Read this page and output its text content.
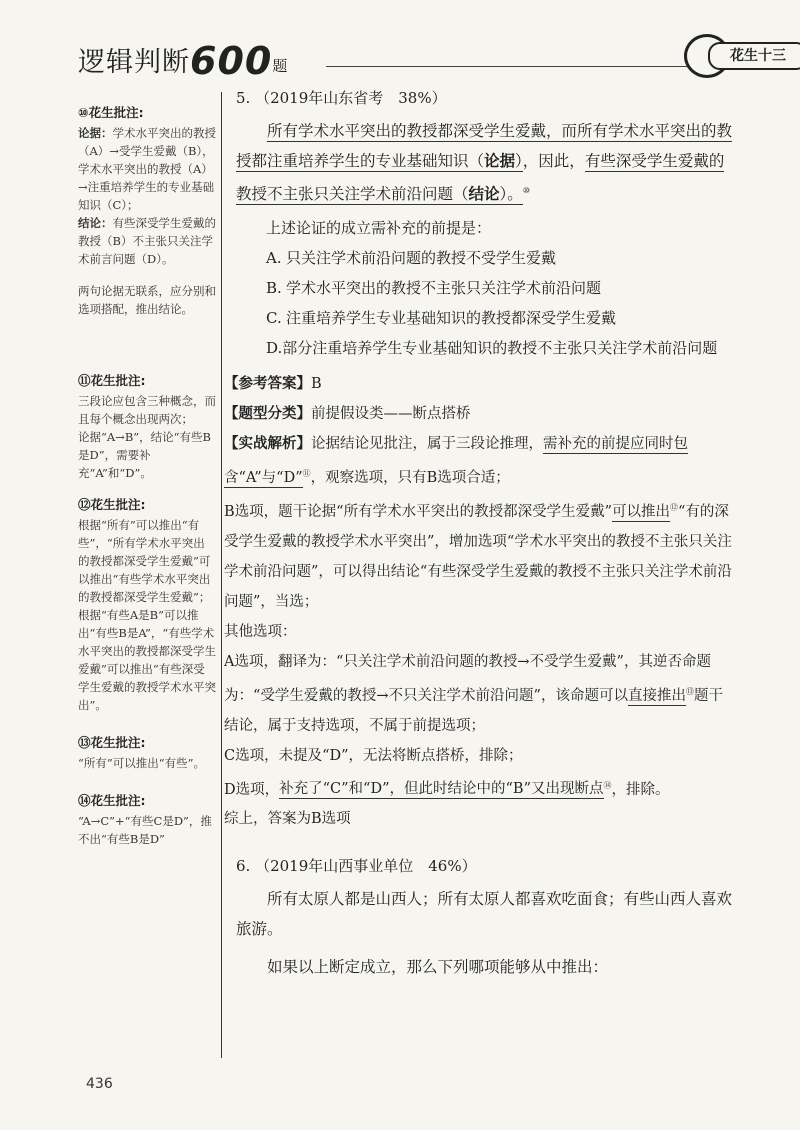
逻辑判断600题
花生十三
⑩花生批注:
论据：学术水平突出的教授（A）→受学生爱戴（B），学术水平突出的教授（A）→注重培养学生的专业基础知识（C）；
结论：有些深受学生爱戴的教授（B）不主张只关注学术前言问题（D）。
两句论据无联系，应分别和选项搭配，推出结论。
⑪花生批注:
三段论应包含三种概念，而且每个概念出现两次；
论据“A→B”，结论“有些B是D”，需要补充“A”和“D”。
⑫花生批注:
根据“所有”可以推出“有些”，“所有学术水平突出的教授都深受学生爱戴”可以推出“有些学术水平突出的教授都深受学生爱戴”；根据“有些A是B”可以推出“有些B是A”，“有些学术水平突出的教授都深受学生爱戴”可以推出“有些深受学生爱戴的教授学术水平突出”。
⑬花生批注:
“所有”可以推出“有些”。
⑭花生批注:
“A→C”+“有些C是D”，推不出“有些B是D”
5. （2019年山东省考　38%）
所有学术水平突出的教授都深受学生爱戴，而所有学术水平突出的教授都注重培养学生的专业基础知识（论据），因此，有些深受学生爱戴的教授不主张只关注学术前沿问题（结论）。⑩
上述论证的成立需补充的前提是：
A. 只关注学术前沿问题的教授不受学生爱戴
B. 学术水平突出的教授不主张只关注学术前沿问题
C. 注重培养学生专业基础知识的教授都深受学生爱戴
D.部分注重培养学生专业基础知识的教授不主张只关注学术前沿问题
【参考答案】B
【题型分类】前提假设类——断点搭桥
【实战解析】论据结论见批注，属于三段论推理，需补充的前提应同时包含“A”与“D”⑪，观察选项，只有B选项合适；
B选项，题干论据“所有学术水平突出的教授都深受学生爱戴”可以推出⑫“有的深受学生爱戴的教授学术水平突出”，增加选项“学术水平突出的教授不主张只关注学术前沿问题”，可以得出结论“有些深受学生爱戴的教授不主张只关注学术前沿问题”，当选；
其他选项：
A选项，翻译为：“只关注学术前沿问题的教授→不受学生爱戴”，其逆否命题为：“受学生爱戴的教授→不只关注学术前沿问题”，该命题可以直接推出⑬题干结论，属于支持选项，不属于前提选项；
C选项，未提及“D”，无法将断点搭桥，排除；
D选项，补充了“C”和“D”，但此时结论中的“B”又出现断点⑭，排除。
综上，答案为B选项
6. （2019年山西事业单位　46%）
所有太原人都是山西人；所有太原人都喜欢吃面食；有些山西人喜欢旅游。
如果以上断定成立，那么下列哪项能够从中推出：
436
